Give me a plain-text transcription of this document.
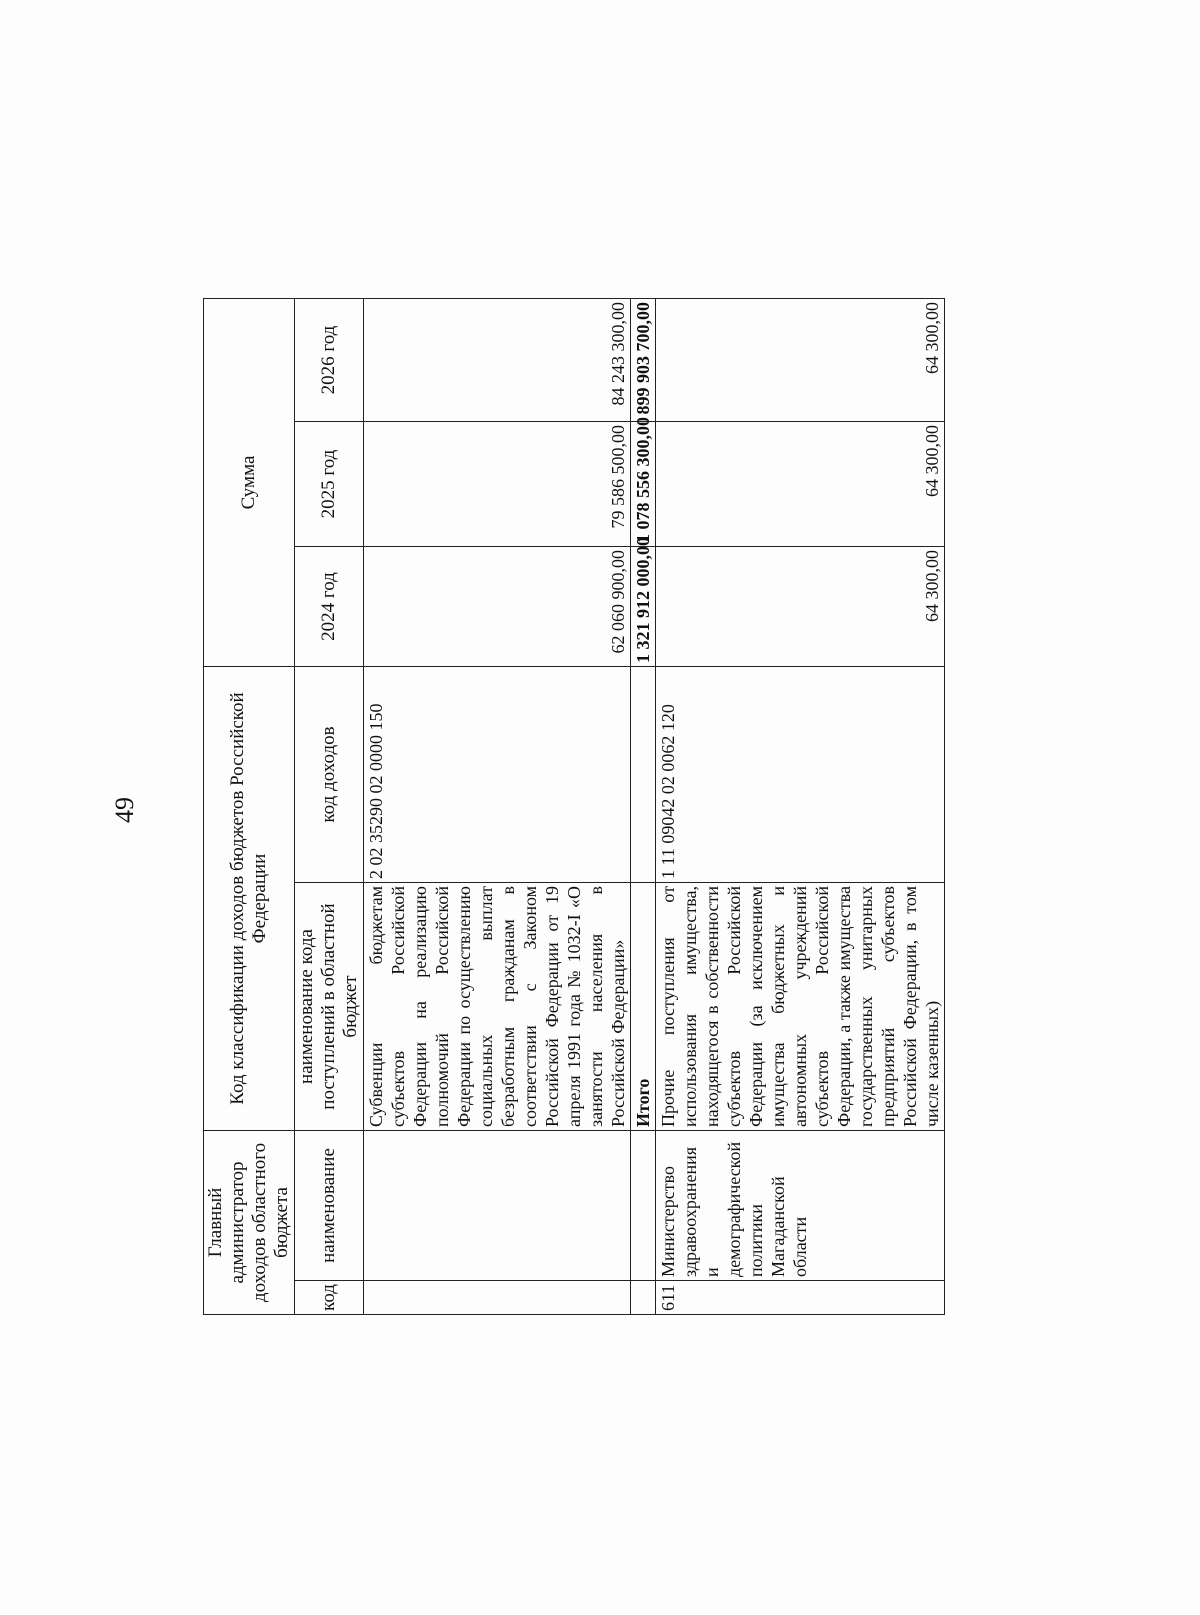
49
Главный администратор доходов областного бюджета		Код классификации доходов бюджетов Российской Федерации		Сумма		
код	наименование	наименование кода поступлений в областной бюджет	код доходов	2024 год	2025 год	2026 год
		Субвенции бюджетам субъектов Российской Федерации на реализацию полномочий Российской Федерации по осуществлению социальных выплат безработным гражданам в соответствии с Законом Российской Федерации от 19 апреля 1991 года № 1032-I «О занятости населения в Российской Федерации»	2 02 35290 02 0000 150	62 060 900,00	79 586 500,00	84 243 300,00
		Итого		1 321 912 000,00	1 078 556 300,00	899 903 700,00
611	Министерство здравоохранения и демографической политики Магаданской области	Прочие поступления от использования имущества, находящегося в собственности субъектов Российской Федерации (за исключением имущества бюджетных и автономных учреждений субъектов Российской Федерации, а также имущества государственных унитарных предприятий субъектов Российской Федерации, в том числе казенных)	1 11 09042 02 0062 120	64 300,00	64 300,00	64 300,00
